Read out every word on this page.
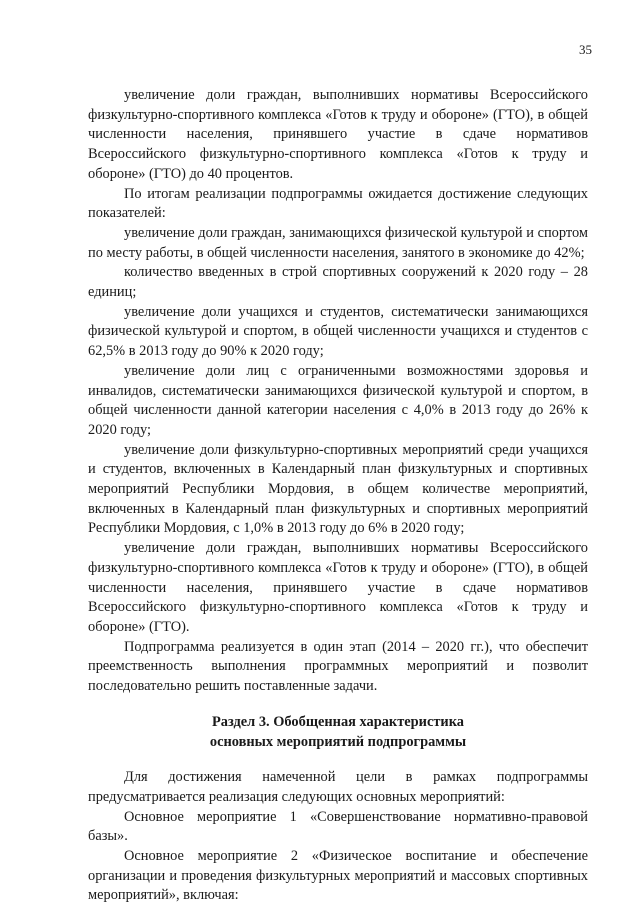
35

увеличение доли граждан, выполнивших нормативы Всероссийского физкультурно-спортивного комплекса «Готов к труду и обороне» (ГТО), в общей численности населения, принявшего участие в сдаче нормативов Всероссийского физкультурно-спортивного комплекса «Готов к труду и обороне» (ГТО) до 40 процентов.

По итогам реализации подпрограммы ожидается достижение следующих показателей:

увеличение доли граждан, занимающихся физической культурой и спортом по месту работы, в общей численности населения, занятого в экономике до 42%;

количество введенных в строй спортивных сооружений к 2020 году – 28 единиц;

увеличение доли учащихся и студентов, систематически занимающихся физической культурой и спортом, в общей численности учащихся и студентов с 62,5% в 2013 году до 90% к 2020 году;

увеличение доли лиц с ограниченными возможностями здоровья и инвалидов, систематически занимающихся физической культурой и спортом, в общей численности данной категории населения с 4,0% в 2013 году до 26% к 2020 году;

увеличение доли физкультурно-спортивных мероприятий среди учащихся и студентов, включенных в Календарный план физкультурных и спортивных мероприятий Республики Мордовия, в общем количестве мероприятий, включенных в Календарный план физкультурных и спортивных мероприятий Республики Мордовия, с 1,0% в 2013 году до 6% в 2020 году;

увеличение доли граждан, выполнивших нормативы Всероссийского физкультурно-спортивного комплекса «Готов к труду и обороне» (ГТО), в общей численности населения, принявшего участие в сдаче нормативов Всероссийского физкультурно-спортивного комплекса «Готов к труду и обороне» (ГТО).

Подпрограмма реализуется в один этап (2014 – 2020 гг.), что обеспечит преемственность выполнения программных мероприятий и позволит последовательно решить поставленные задачи.

Раздел 3. Обобщенная характеристика
основных мероприятий подпрограммы

Для достижения намеченной цели в рамках подпрограммы предусматривается реализация следующих основных мероприятий:

Основное мероприятие 1 «Совершенствование нормативно-правовой базы».

Основное мероприятие 2 «Физическое воспитание и обеспечение организации и проведения физкультурных мероприятий и массовых спортивных мероприятий», включая:
